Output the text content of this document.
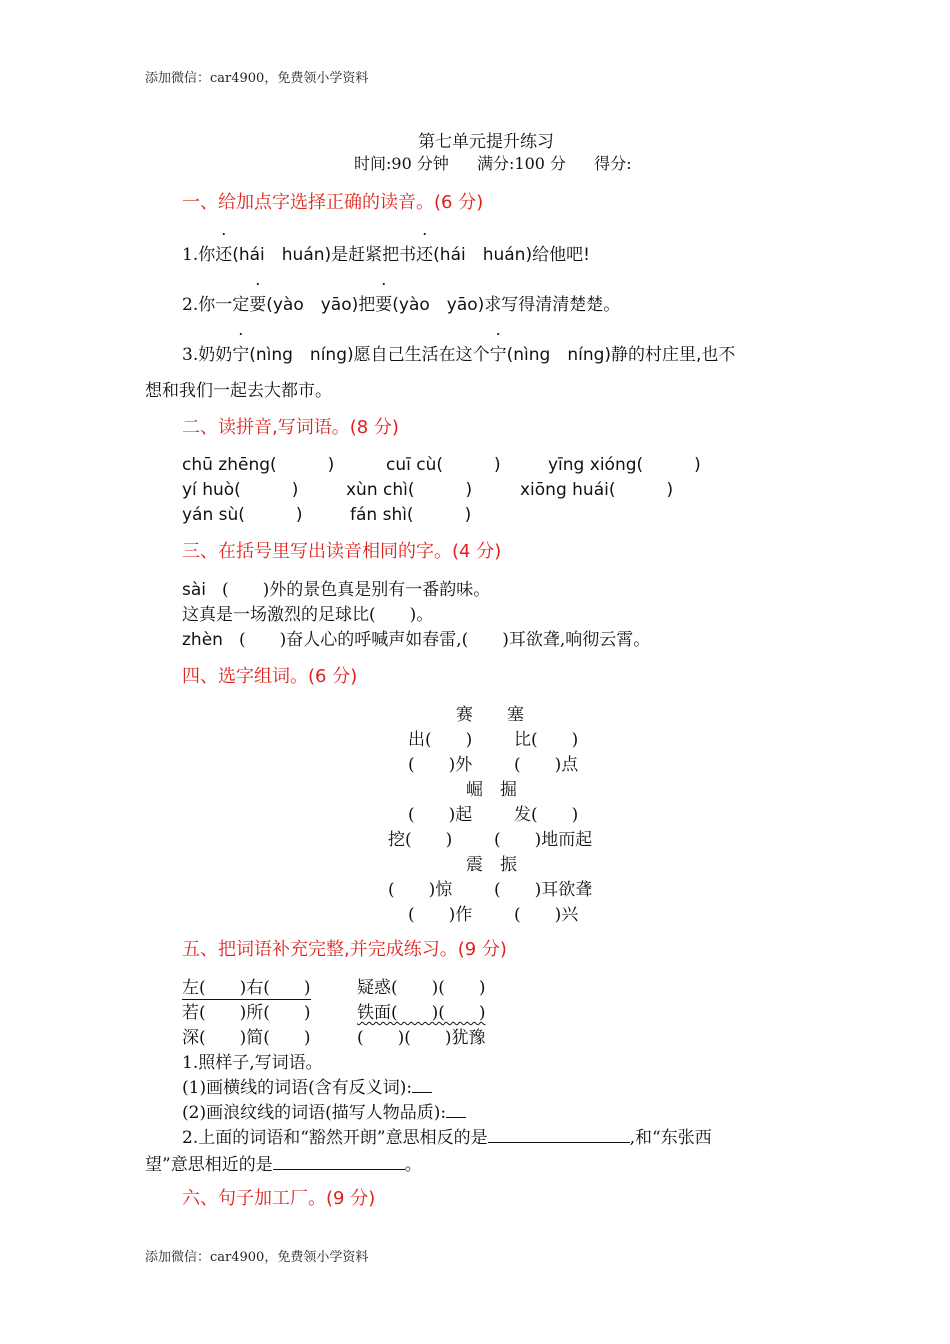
添加微信：car4900，免费领小学资料
第七单元提升练习
时间:90 分钟 满分:100 分 得分:
一、给加点字选择正确的读音。(6 分)
1.你还(hái　huán)是赶紧把书还(hái　huán)给他吧!
2.你一定要(yào　yāo)把要(yào　yāo)求写得清清楚楚。
3.奶奶宁(nìng　níng)愿自己生活在这个宁(nìng　níng)静的村庄里,也不
想和我们一起去大都市。
二、读拼音,写词语。(8 分)
chū zhēng(　　　)	cuī cù(　　　)	yīng xióng(　　　)
yí huò(　　　)	xùn chì(　　　)	xiōng huái(　　　)
yán sù(　　　)	fán shì(　　　)
三、在括号里写出读音相同的字。(4 分)
sài (　　)外的景色真是别有一番韵味。
这真是一场激烈的足球比(　　)。
zhèn (　　)奋人心的呼喊声如春雷,(　　)耳欲聋,响彻云霄。
四、选字组词。(6 分)
赛　　塞
出(　　) 比(　　)
(　　)外 (　　)点
崛　掘
(　　)起 发(　　)
挖(　　) (　　)地而起
震　振
(　　)惊 (　　)耳欲聋
(　　)作 (　　)兴
五、把词语补充完整,并完成练习。(9 分)
左(　　)右(　　)	疑惑(　　)(　　)
若(　　)所(　　)	铁面(　　)(　　)
深(　　)简(　　)	(　　)(　　)犹豫
1.照样子,写词语。
(1)画横线的词语(含有反义词):
(2)画浪纹线的词语(描写人物品质):
2.上面的词语和“豁然开朗”意思相反的是	,和“东张西
望”意思相近的是	。
六、句子加工厂。(9 分)
添加微信：car4900，免费领小学资料
